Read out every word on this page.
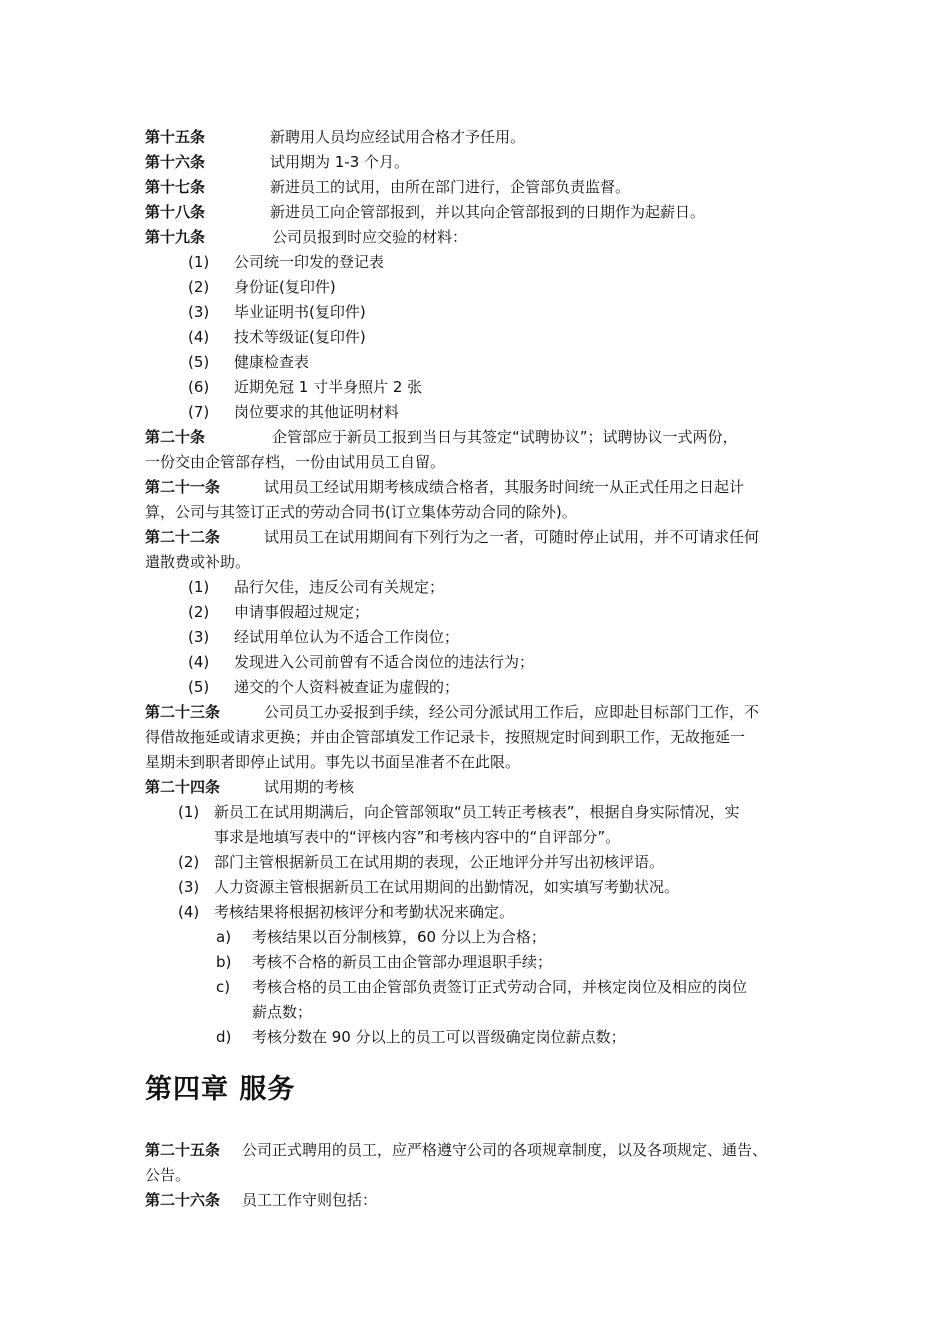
第十五条	新聘用人员均应经试用合格才予任用。
第十六条	试用期为 1-3 个月。
第十七条	新进员工的试用，由所在部门进行，企管部负责监督。
第十八条	新进员工向企管部报到，并以其向企管部报到的日期作为起薪日。
第十九条	公司员报到时应交验的材料：
(1) 公司统一印发的登记表
(2) 身份证(复印件)
(3) 毕业证明书(复印件)
(4) 技术等级证(复印件)
(5) 健康检查表
(6) 近期免冠 1 寸半身照片 2 张
(7) 岗位要求的其他证明材料
第二十条	企管部应于新员工报到当日与其签定“试聘协议”；试聘协议一式两份，
一份交由企管部存档，一份由试用员工自留。
第二十一条	试用员工经试用期考核成绩合格者，其服务时间统一从正式任用之日起计
算，公司与其签订正式的劳动合同书(订立集体劳动合同的除外)。
第二十二条	试用员工在试用期间有下列行为之一者，可随时停止试用，并不可请求任何
遣散费或补助。
(1) 品行欠佳，违反公司有关规定；
(2) 申请事假超过规定；
(3) 经试用单位认为不适合工作岗位；
(4) 发现进入公司前曾有不适合岗位的违法行为；
(5) 递交的个人资料被查证为虚假的；
第二十三条	公司员工办妥报到手续，经公司分派试用工作后，应即赴目标部门工作，不
得借故拖延或请求更换；并由企管部填发工作记录卡，按照规定时间到职工作，无故拖延一
星期未到职者即停止试用。事先以书面呈准者不在此限。
第二十四条	试用期的考核
(1) 新员工在试用期满后，向企管部领取“员工转正考核表”，根据自身实际情况，实
事求是地填写表中的“评核内容”和考核内容中的“自评部分”。
(2) 部门主管根据新员工在试用期的表现，公正地评分并写出初核评语。
(3) 人力资源主管根据新员工在试用期间的出勤情况，如实填写考勤状况。
(4) 考核结果将根据初核评分和考勤状况来确定。
a) 考核结果以百分制核算，60 分以上为合格；
b) 考核不合格的新员工由企管部办理退职手续；
c) 考核合格的员工由企管部负责签订正式劳动合同，并核定岗位及相应的岗位
薪点数；
d) 考核分数在 90 分以上的员工可以晋级确定岗位薪点数；
第四章 服务
第二十五条 公司正式聘用的员工，应严格遵守公司的各项规章制度，以及各项规定、通告、
公告。
第二十六条 员工工作守则包括：
